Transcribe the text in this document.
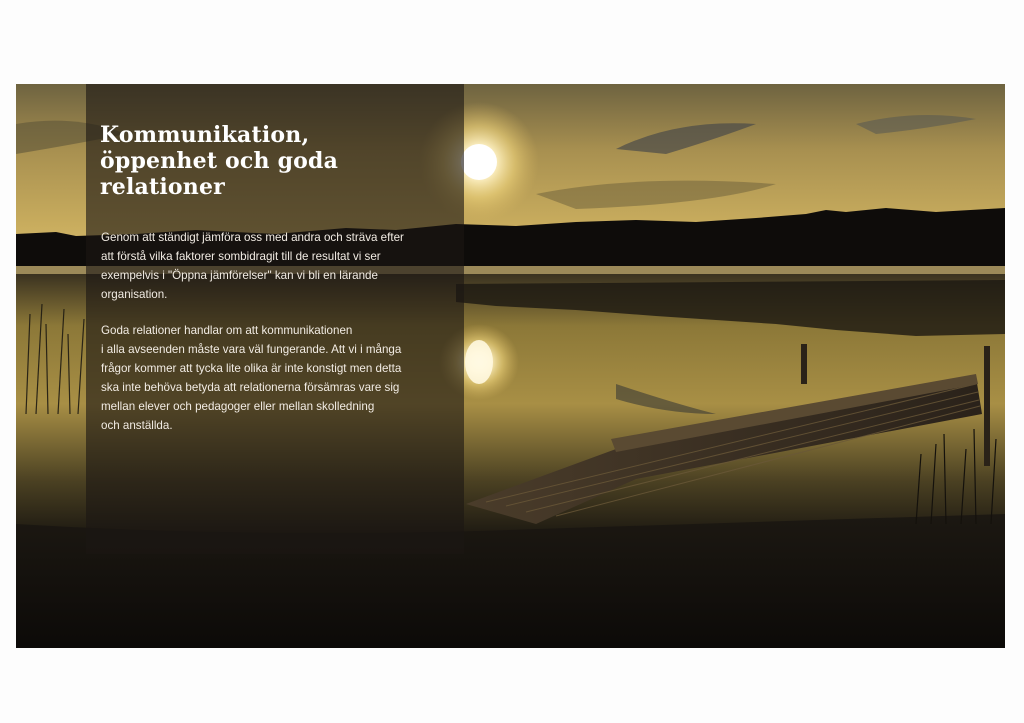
Kommunikation,
öppenhet och goda
relationer

Genom att ständigt jämföra oss med andra och sträva efter
att förstå vilka faktorer sombidragit till de resultat vi ser
exempelvis i "Öppna jämförelser" kan vi bli en lärande
organisation.

Goda relationer handlar om att kommunikationen
i alla avseenden måste vara väl fungerande. Att vi i många
frågor kommer att tycka lite olika är inte konstigt men detta
ska inte behöva betyda att relationerna försämras vare sig
mellan elever och pedagoger eller mellan skolledning
och anställda.
